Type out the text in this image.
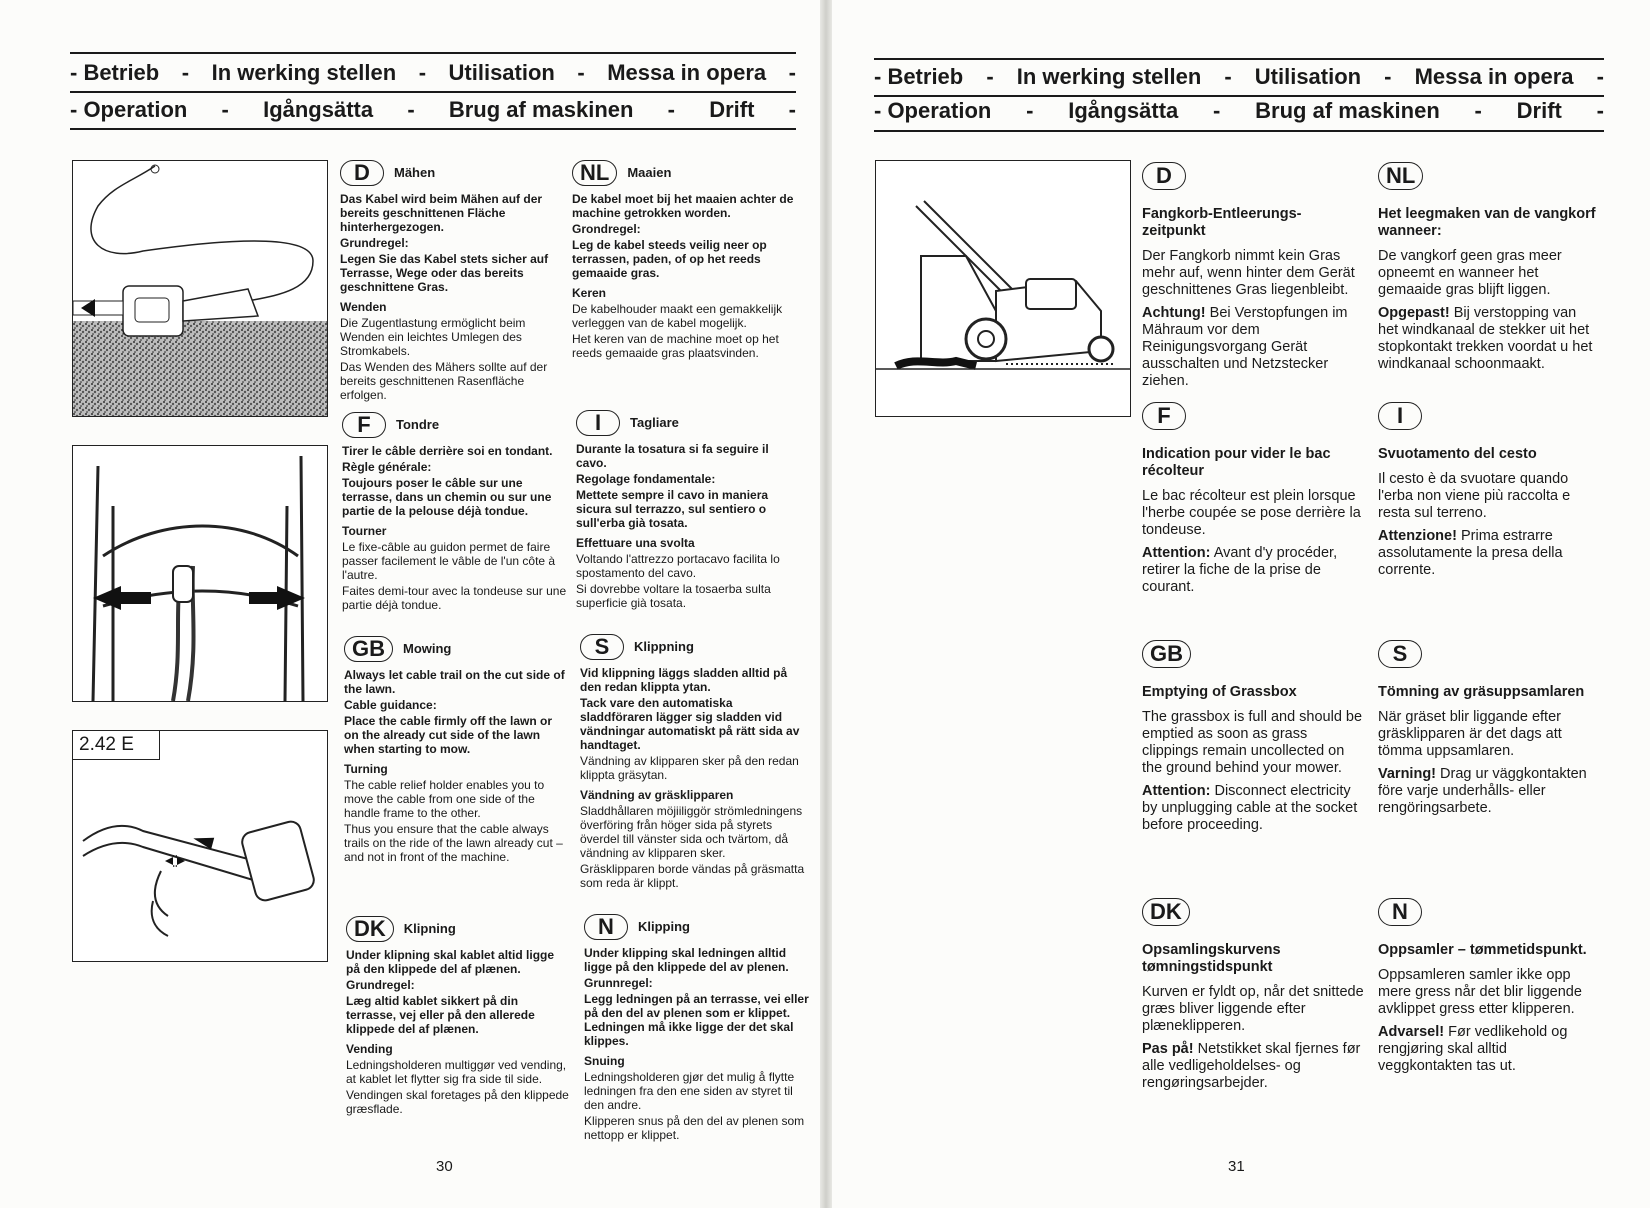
- Betrieb - In werking stellen - Utilisation - Messa in opera -
- Operation - Igångsätta - Brug af maskinen - Drift -
2.42 E
D	Mähen

Das Kabel wird beim Mähen auf der bereits geschnittenen Fläche hinterhergezogen.

Grundregel:

Legen Sie das Kabel stets sicher auf Terrasse, Wege oder das bereits geschnittene Gras.

Wenden

Die Zugentlastung ermöglicht beim Wenden ein leichtes Umlegen des Stromkabels.

Das Wenden des Mähers sollte auf der bereits geschnittenen Rasenfläche erfolgen.

NL	Maaien

De kabel moet bij het maaien achter de machine getrokken worden.

Grondregel:

Leg de kabel steeds veilig neer op terrassen, paden, of op het reeds gemaaide gras.

Keren

De kabelhouder maakt een gemakkelijk verleggen van de kabel mogelijk.

Het keren van de machine moet op het reeds gemaaide gras plaatsvinden.

F	Tondre

Tirer le câble derrière soi en tondant.

Règle générale:

Toujours poser le câble sur une terrasse, dans un chemin ou sur une partie de la pelouse déjà tondue.

Tourner

Le fixe-câble au guidon permet de faire passer facilement le vâble de l'un côte à l'autre.

Faites demi-tour avec la tondeuse sur une partie déjà tondue.

I	Tagliare

Durante la tosatura si fa seguire il cavo.

Regolage fondamentale:

Mettete sempre il cavo in maniera sicura sul terrazzo, sul sentiero o sull'erba già tosata.

Effettuare una svolta

Voltando l'attrezzo portacavo facilita lo spostamento del cavo.

Si dovrebbe voltare la tosaerba sulta superficie già tosata.

GB	Mowing

Always let cable trail on the cut side of the lawn.

Cable guidance:

Place the cable firmly off the lawn or on the already cut side of the lawn when starting to mow.

Turning

The cable relief holder enables you to move the cable from one side of the handle frame to the other.

Thus you ensure that the cable always trails on the ride of the lawn already cut – and not in front of the machine.

S	Klippning

Vid klippning läggs sladden alltid på den redan klippta ytan.

Tack vare den automatiska sladdföraren lägger sig sladden vid vändningar automatiskt på rätt sida av handtaget.

Vändning av klipparen sker på den redan klippta gräsytan.

Vändning av gräsklipparen

Sladdhållaren möjiiliggör strömledningens överföring från höger sida på styrets överdel till vänster sida och tvärtom, då vändning av klipparen sker.

Gräsklipparen borde vändas på gräsmatta som reda är klippt.

DK	Klipning

Under klipning skal kablet altid ligge på den klippede del af plænen.

Grundregel:

Læg altid kablet sikkert på din terrasse, vej eller på den allerede klippede del af plænen.

Vending

Ledningsholderen multiggør ved vending, at kablet let flytter sig fra side til side.

Vendingen skal foretages på den klippede græsflade.

N	Klipping

Under klipping skal ledningen alltid ligge på den klippede del av plenen.

Grunnregel:

Legg ledningen på an terrasse, vei eller på den del av plenen som er klippet. Ledningen må ikke ligge der det skal klippes.

Snuing

Ledningsholderen gjør det mulig å flytte ledningen fra den ene siden av styret til den andre.

Klipperen snus på den del av plenen som nettopp er klippet.

30
- Betrieb - In werking stellen - Utilisation - Messa in opera -
- Operation - Igångsätta - Brug af maskinen - Drift -
D
Fangkorb-Entleerungs-zeitpunkt

Der Fangkorb nimmt kein Gras mehr auf, wenn hinter dem Gerät geschnittenes Gras liegenbleibt.

Achtung! Bei Verstopfungen im Mähraum vor dem Reinigungsvorgang Gerät ausschalten und Netzstecker ziehen.

NL
Het leegmaken van de vangkorf wanneer:

De vangkorf geen gras meer opneemt en wanneer het gemaaide gras blijft liggen.

Opgepast! Bij verstopping van het windkanaal de stekker uit het stopkontakt trekken voordat u het windkanaal schoonmaakt.

F
Indication pour vider le bac récolteur

Le bac récolteur est plein lorsque l'herbe coupée se pose derrière la tondeuse.

Attention: Avant d'y procéder, retirer la fiche de la prise de courant.

I
Svuotamento del cesto

Il cesto è da svuotare quando l'erba non viene più raccolta e resta sul terreno.

Attenzione! Prima estrarre assolutamente la presa della corrente.

GB
Emptying of Grassbox

The grassbox is full and should be emptied as soon as grass clippings remain uncollected on the ground behind your mower.

Attention: Disconnect electricity by unplugging cable at the socket before proceeding.

S
Tömning av gräsuppsamlaren

När gräset blir liggande efter gräsklipparen är det dags att tömma uppsamlaren.

Varning! Drag ur väggkontakten före varje underhålls- eller rengöringsarbete.

DK
Opsamlingskurvens tømningstidspunkt

Kurven er fyldt op, når det snittede græs bliver liggende efter plæneklipperen.

Pas på! Netstikket skal fjernes før alle vedligeholdelses- og rengøringsarbejder.

N
Oppsamler – tømmetidspunkt.

Oppsamleren samler ikke opp mere gress når det blir liggende avklippet gress etter klipperen.

Advarsel! Før vedlikehold og rengjøring skal alltid veggkontakten tas ut.

31
